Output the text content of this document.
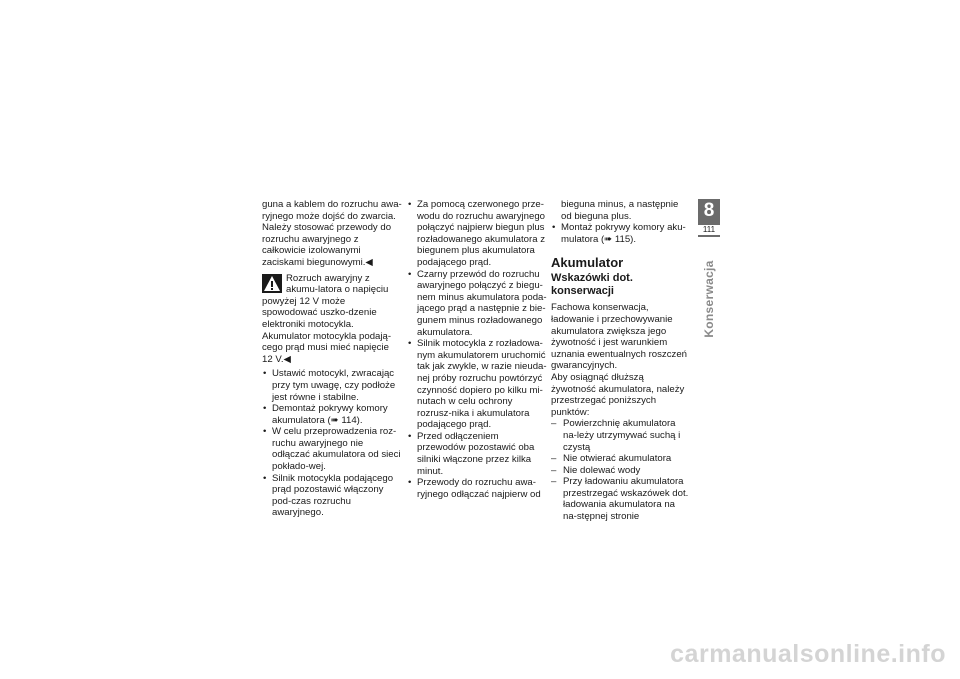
guna a kablem do rozruchu awa-ryjnego może dojść do zwarcia. Należy stosować przewody do rozruchu awaryjnego z całkowicie izolowanymi zaciskami biegunowymi.◀

Rozruch awaryjny z akumu-latora o napięciu powyżej 12 V może spowodować uszko-dzenie elektroniki motocykla. Akumulator motocykla podają-cego prąd musi mieć napięcie 12 V.◀
• Ustawić motocykl, zwracając przy tym uwagę, czy podłoże jest równe i stabilne.
• Demontaż pokrywy komory akumulatora (➠ 114).
• W celu przeprowadzenia roz-ruchu awaryjnego nie odłączać akumulatora od sieci pokłado-wej.
• Silnik motocykla podającego prąd pozostawić włączony pod-czas rozruchu awaryjnego.
• Za pomocą czerwonego prze-wodu do rozruchu awaryjnego połączyć najpierw biegun plus rozładowanego akumulatora z biegunem plus akumulatora podającego prąd.
• Czarny przewód do rozruchu awaryjnego połączyć z biegu-nem minus akumulatora poda-jącego prąd a następnie z bie-gunem minus rozładowanego akumulatora.
• Silnik motocykla z rozładowa-nym akumulatorem uruchomić tak jak zwykle, w razie nieuda-nej próby rozruchu powtórzyć czynność dopiero po kilku mi-nutach w celu ochrony rozrusz-nika i akumulatora podającego prąd.
• Przed odłączeniem przewodów pozostawić oba silniki włączone przez kilka minut.
• Przewody do rozruchu awa-ryjnego odłączać najpierw od

bieguna minus, a następnie od bieguna plus.

• Montaż pokrywy komory aku-mulatora (➠ 115).
Akumulator
Wskazówki dot. konserwacji

Fachowa konserwacja, ładowanie i przechowywanie akumulatora zwiększa jego żywotność i jest warunkiem uznania ewentualnych roszczeń gwarancyjnych.

Aby osiągnąć dłuższą żywotność akumulatora, należy przestrzegać poniższych punktów:

– Powierzchnię akumulatora na-leży utrzymywać suchą i czystą
– Nie otwierać akumulatora
– Nie dolewać wody
– Przy ładowaniu akumulatora przestrzegać wskazówek dot. ładowania akumulatora na na-stępnej stronie
8
111
Konserwacja
carmanualsonline.info
